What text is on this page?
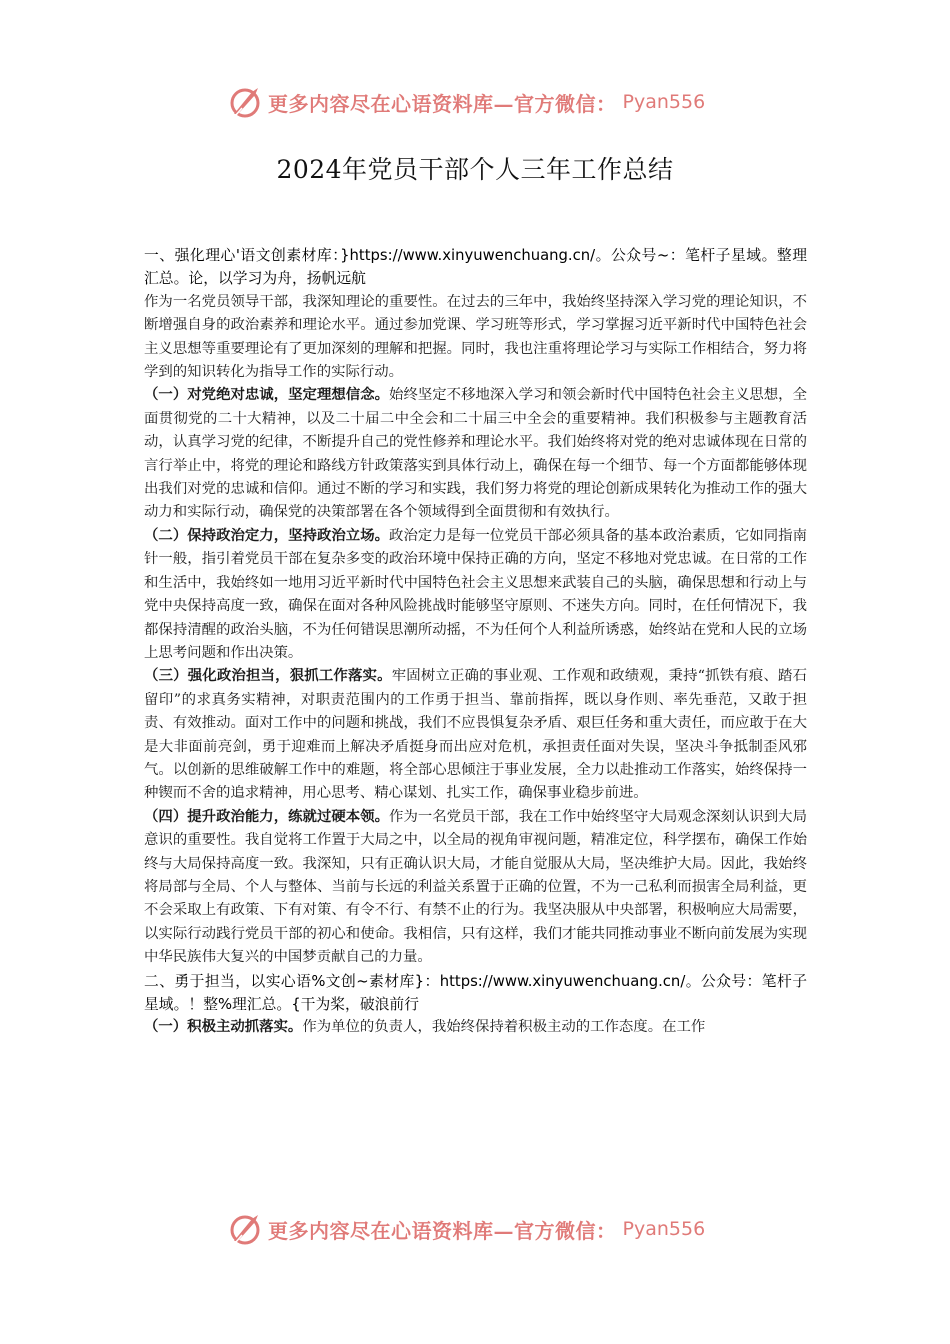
更多内容尽在心语资料库—官方微信： Pyan556
2024年党员干部个人三年工作总结

一、强化理心'语文创素材库：}https://www.xinyuwenchuang.cn/。公众号~：笔杆子星域。整理汇总。论，以学习为舟，扬帆远航

作为一名党员领导干部，我深知理论的重要性。在过去的三年中，我始终坚持深入学习党的理论知识，不断增强自身的政治素养和理论水平。通过参加党课、学习班等形式，学习掌握习近平新时代中国特色社会主义思想等重要理论有了更加深刻的理解和把握。同时，我也注重将理论学习与实际工作相结合，努力将学到的知识转化为指导工作的实际行动。

（一）对党绝对忠诚，坚定理想信念。始终坚定不移地深入学习和领会新时代中国特色社会主义思想，全面贯彻党的二十大精神，以及二十届二中全会和二十届三中全会的重要精神。我们积极参与主题教育活动，认真学习党的纪律，不断提升自己的党性修养和理论水平。我们始终将对党的绝对忠诚体现在日常的言行举止中，将党的理论和路线方针政策落实到具体行动上，确保在每一个细节、每一个方面都能够体现出我们对党的忠诚和信仰。通过不断的学习和实践，我们努力将党的理论创新成果转化为推动工作的强大动力和实际行动，确保党的决策部署在各个领域得到全面贯彻和有效执行。

（二）保持政治定力，坚持政治立场。政治定力是每一位党员干部必须具备的基本政治素质，它如同指南针一般，指引着党员干部在复杂多变的政治环境中保持正确的方向，坚定不移地对党忠诚。在日常的工作和生活中，我始终如一地用习近平新时代中国特色社会主义思想来武装自己的头脑，确保思想和行动上与党中央保持高度一致，确保在面对各种风险挑战时能够坚守原则、不迷失方向。同时，在任何情况下，我都保持清醒的政治头脑，不为任何错误思潮所动摇，不为任何个人利益所诱惑，始终站在党和人民的立场上思考问题和作出决策。

（三）强化政治担当，狠抓工作落实。牢固树立正确的事业观、工作观和政绩观，秉持“抓铁有痕、踏石留印”的求真务实精神，对职责范围内的工作勇于担当、靠前指挥，既以身作则、率先垂范，又敢于担责、有效推动。面对工作中的问题和挑战，我们不应畏惧复杂矛盾、艰巨任务和重大责任，而应敢于在大是大非面前亮剑，勇于迎难而上解决矛盾挺身而出应对危机，承担责任面对失误，坚决斗争抵制歪风邪气。以创新的思维破解工作中的难题，将全部心思倾注于事业发展，全力以赴推动工作落实，始终保持一种锲而不舍的追求精神，用心思考、精心谋划、扎实工作，确保事业稳步前进。

（四）提升政治能力，练就过硬本领。作为一名党员干部，我在工作中始终坚守大局观念深刻认识到大局意识的重要性。我自觉将工作置于大局之中，以全局的视角审视问题，精准定位，科学摆布，确保工作始终与大局保持高度一致。我深知，只有正确认识大局，才能自觉服从大局，坚决维护大局。因此，我始终将局部与全局、个人与整体、当前与长远的利益关系置于正确的位置，不为一己私利而损害全局利益，更不会采取上有政策、下有对策、有令不行、有禁不止的行为。我坚决服从中央部署，积极响应大局需要，以实际行动践行党员干部的初心和使命。我相信，只有这样，我们才能共同推动事业不断向前发展为实现中华民族伟大复兴的中国梦贡献自己的力量。

二、勇于担当，以实心语%文创~素材库}：https://www.xinyuwenchuang.cn/。公众号：笔杆子星域。！整%理汇总。{干为桨，破浪前行

（一）积极主动抓落实。作为单位的负责人，我始终保持着积极主动的工作态度。在工作

更多内容尽在心语资料库—官方微信： Pyan556
